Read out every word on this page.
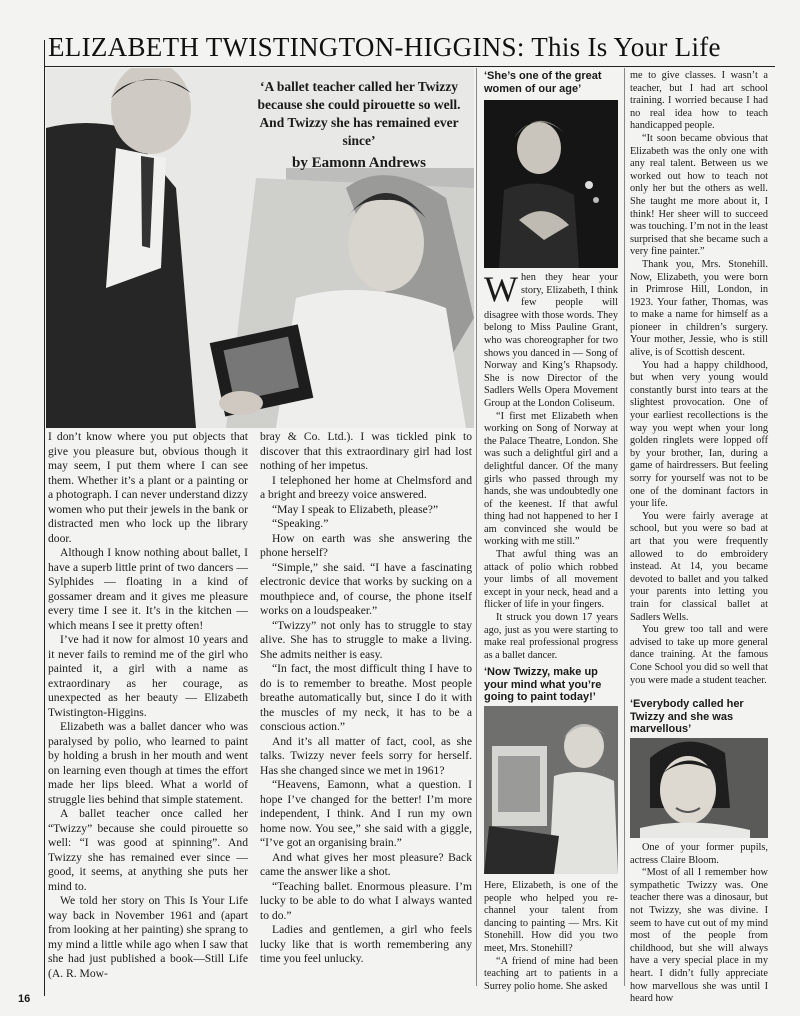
ELIZABETH TWISTINGTON-HIGGINS: This Is Your Life
‘A ballet teacher called her Twizzy because she could pirouette so well. And Twizzy she has remained ever since’
by Eamonn Andrews

I don’t know where you put objects that give you pleasure but, obvious though it may seem, I put them where I can see them. Whether it’s a plant or a painting or a photograph. I can never understand dizzy women who put their jewels in the bank or distracted men who lock up the library door.

Although I know nothing about ballet, I have a superb little print of two dancers — Sylphides — floating in a kind of gossamer dream and it gives me pleasure every time I see it. It’s in the kitchen — which means I see it pretty often!

I’ve had it now for almost 10 years and it never fails to remind me of the girl who painted it, a girl with a name as extraordinary as her courage, as unexpected as her beauty — Elizabeth Twistington-Higgins.

Elizabeth was a ballet dancer who was paralysed by polio, who learned to paint by holding a brush in her mouth and went on learning even though at times the effort made her lips bleed. What a world of struggle lies behind that simple statement.

A ballet teacher once called her “Twizzy” because she could pirouette so well: “I was good at spinning”. And Twizzy she has remained ever since — good, it seems, at anything she puts her mind to.

We told her story on This Is Your Life way back in November 1961 and (apart from looking at her painting) she sprang to my mind a little while ago when I saw that she had just published a book—Still Life (A. R. Mow-

bray & Co. Ltd.). I was tickled pink to discover that this extraordinary girl had lost nothing of her impetus.

I telephoned her home at Chelmsford and a bright and breezy voice answered.

“May I speak to Elizabeth, please?”

“Speaking.”

How on earth was she answering the phone herself?

“Simple,” she said. “I have a fascinating electronic device that works by sucking on a mouthpiece and, of course, the phone itself works on a loudspeaker.”

“Twizzy” not only has to struggle to stay alive. She has to struggle to make a living. She admits neither is easy.

“In fact, the most difficult thing I have to do is to remember to breathe. Most people breathe automatically but, since I do it with the muscles of my neck, it has to be a conscious action.”

And it’s all matter of fact, cool, as she talks. Twizzy never feels sorry for herself. Has she changed since we met in 1961?

“Heavens, Eamonn, what a question. I hope I’ve changed for the better! I’m more independent, I think. And I run my own home now. You see,” she said with a giggle, “I’ve got an organising brain.”

And what gives her most pleasure? Back came the answer like a shot.

“Teaching ballet. Enormous pleasure. I’m lucky to be able to do what I always wanted to do.”

Ladies and gentlemen, a girl who feels lucky like that is worth remembering any time you feel unlucky.

‘She’s one of the great women of our age’

When they hear your story, Elizabeth, I think few people will disagree with those words. They belong to Miss Pauline Grant, who was choreographer for two shows you danced in — Song of Norway and King’s Rhapsody. She is now Director of the Sadlers Wells Opera Movement Group at the London Coliseum.

“I first met Elizabeth when working on Song of Norway at the Palace Theatre, London. She was such a delightful girl and a delightful dancer. Of the many girls who passed through my hands, she was undoubtedly one of the keenest. If that awful thing had not happened to her I am convinced she would be working with me still.”

That awful thing was an attack of polio which robbed your limbs of all movement except in your neck, head and a flicker of life in your fingers.

It struck you down 17 years ago, just as you were starting to make real professional progress as a ballet dancer.

‘Now Twizzy, make up your mind what you’re going to paint today!’

Here, Elizabeth, is one of the people who helped you re-channel your talent from dancing to painting — Mrs. Kit Stonehill. How did you two meet, Mrs. Stonehill?

“A friend of mine had been teaching art to patients in a Surrey polio home. She asked

me to give classes. I wasn’t a teacher, but I had art school training. I worried because I had no real idea how to teach handicapped people.

“It soon became obvious that Elizabeth was the only one with any real talent. Between us we worked out how to teach not only her but the others as well. She taught me more about it, I think! Her sheer will to succeed was touching. I’m not in the least surprised that she became such a very fine painter.”

Thank you, Mrs. Stonehill. Now, Elizabeth, you were born in Primrose Hill, London, in 1923. Your father, Thomas, was to make a name for himself as a pioneer in children’s surgery. Your mother, Jessie, who is still alive, is of Scottish descent.

You had a happy childhood, but when very young would constantly burst into tears at the slightest provocation. One of your earliest recollections is the way you wept when your long golden ringlets were lopped off by your brother, Ian, during a game of hairdressers. But feeling sorry for yourself was not to be one of the dominant factors in your life.

You were fairly average at school, but you were so bad at art that you were frequently allowed to do embroidery instead. At 14, you became devoted to ballet and you talked your parents into letting you train for classical ballet at Sadlers Wells.

You grew too tall and were advised to take up more general dance training. At the famous Cone School you did so well that you were made a student teacher.

‘Everybody called her Twizzy and she was marvellous’

One of your former pupils, actress Claire Bloom.

“Most of all I remember how sympathetic Twizzy was. One teacher there was a dinosaur, but not Twizzy, she was divine. I seem to have cut out of my mind most of the people from childhood, but she will always have a very special place in my heart. I didn’t fully appreciate how marvellous she was until I heard how

16
